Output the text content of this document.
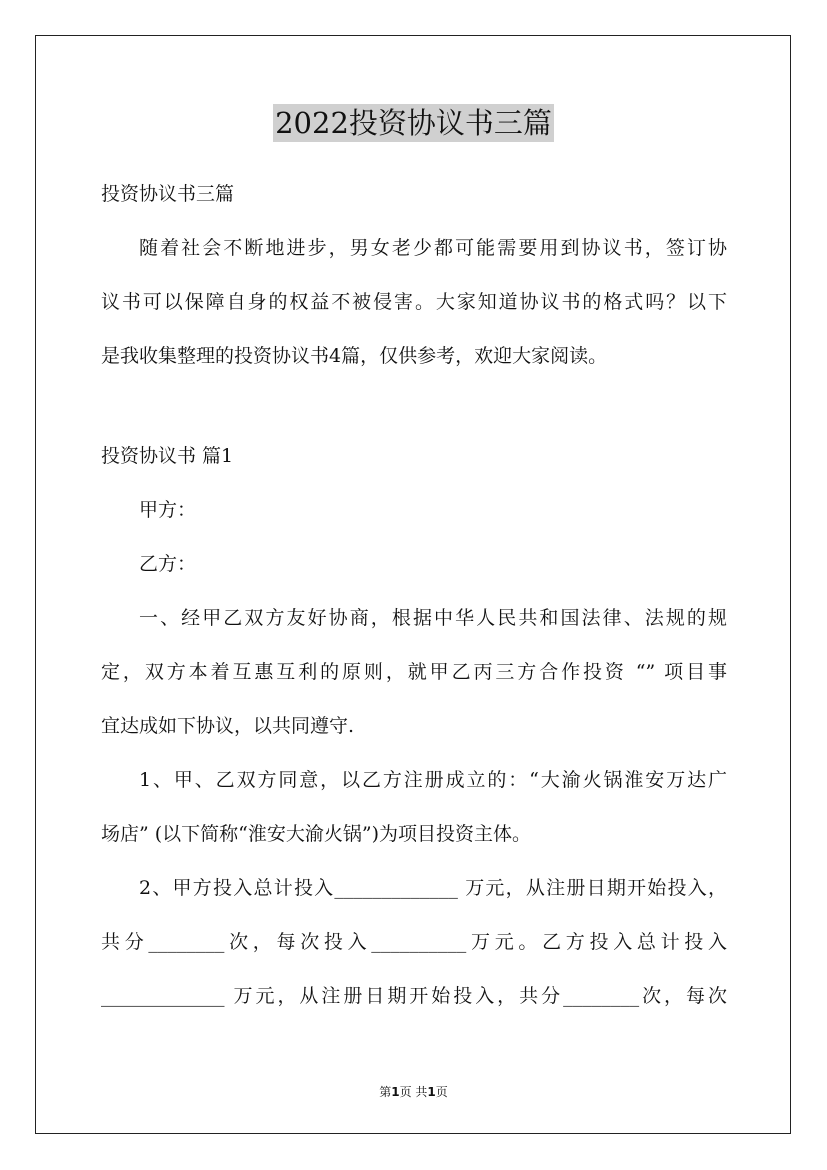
2022投资协议书三篇
投资协议书三篇
随着社会不断地进步，男女老少都可能需要用到协议书，签订协
议书可以保障自身的权益不被侵害。大家知道协议书的格式吗？以下
是我收集整理的投资协议书4篇，仅供参考，欢迎大家阅读。
投资协议书 篇1
甲方：
乙方：
一、经甲乙双方友好协商，根据中华人民共和国法律、法规的规
定，双方本着互惠互利的原则，就甲乙丙三方合作投资 “” 项目事
宜达成如下协议，以共同遵守.
1、甲、乙双方同意，以乙方注册成立的：“大渝火锅淮安万达广
场店” (以下简称“淮安大渝火锅”)为项目投资主体。
2、甲方投入总计投入_____________ 万元，从注册日期开始投入，
共分________次，每次投入__________万元。乙方投入总计投入
_____________ 万元，从注册日期开始投入，共分________次，每次
第1页 共1页
